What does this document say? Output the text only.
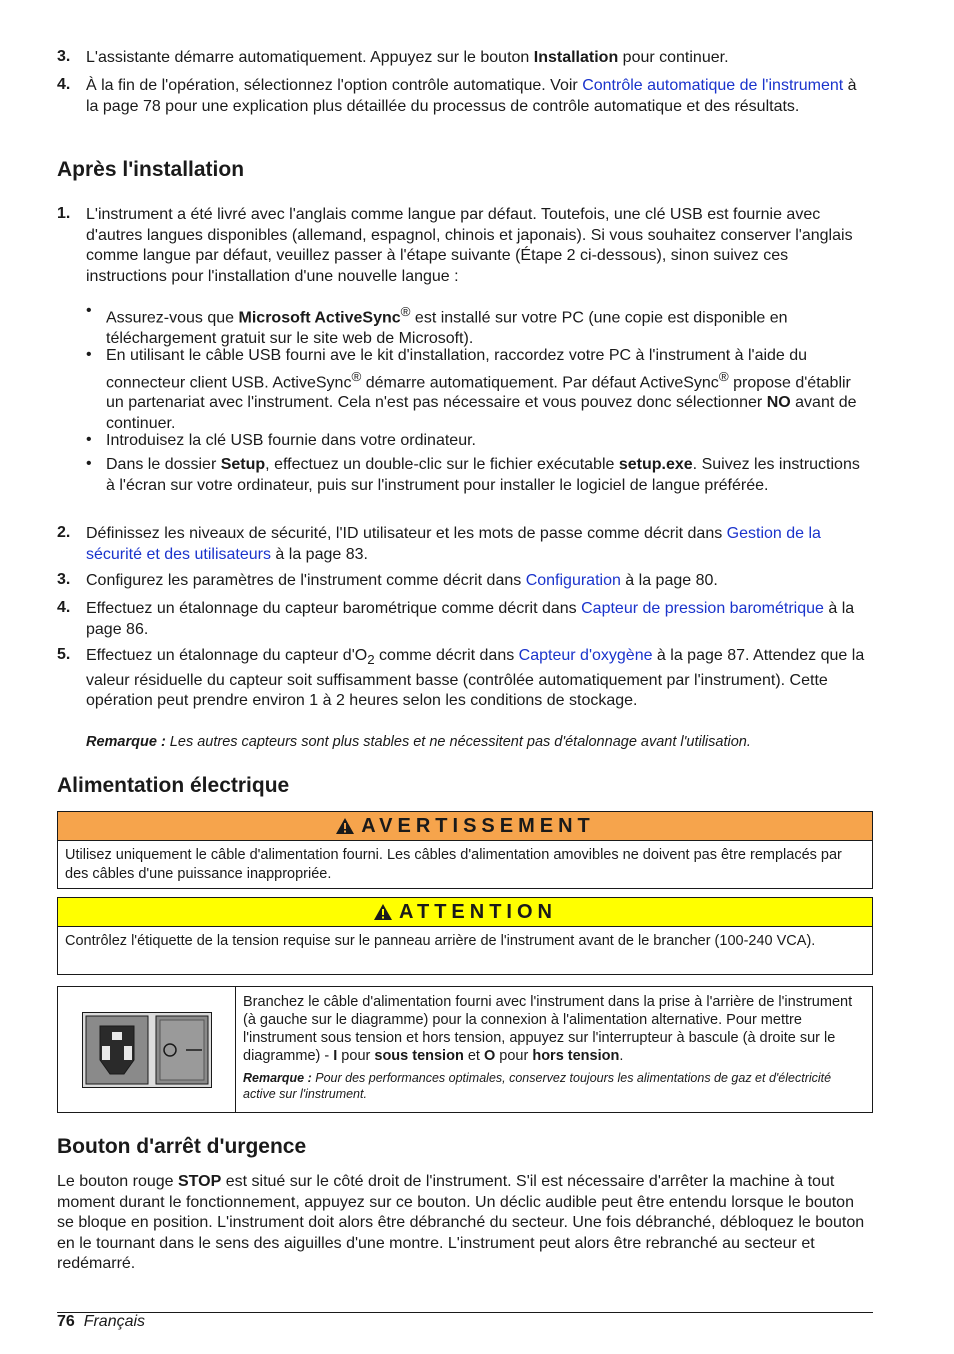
3. L'assistante démarre automatiquement. Appuyez sur le bouton Installation pour continuer.
4. À la fin de l'opération, sélectionnez l'option contrôle automatique. Voir Contrôle automatique de l'instrument à la page 78 pour une explication plus détaillée du processus de contrôle automatique et des résultats.
Après l'installation
1. L'instrument a été livré avec l'anglais comme langue par défaut. Toutefois, une clé USB est fournie avec d'autres langues disponibles (allemand, espagnol, chinois et japonais). Si vous souhaitez conserver l'anglais comme langue par défaut, veuillez passer à l'étape suivante (Étape 2 ci-dessous), sinon suivez ces instructions pour l'installation d'une nouvelle langue :
• Assurez-vous que Microsoft ActiveSync® est installé sur votre PC (une copie est disponible en téléchargement gratuit sur le site web de Microsoft).
• En utilisant le câble USB fourni ave le kit d'installation, raccordez votre PC à l'instrument à l'aide du connecteur client USB. ActiveSync® démarre automatiquement. Par défaut ActiveSync® propose d'établir un partenariat avec l'instrument. Cela n'est pas nécessaire et vous pouvez donc sélectionner NO avant de continuer.
• Introduisez la clé USB fournie dans votre ordinateur.
• Dans le dossier Setup, effectuez un double-clic sur le fichier exécutable setup.exe. Suivez les instructions à l'écran sur votre ordinateur, puis sur l'instrument pour installer le logiciel de langue préférée.
2. Définissez les niveaux de sécurité, l'ID utilisateur et les mots de passe comme décrit dans Gestion de la sécurité et des utilisateurs à la page 83.
3. Configurez les paramètres de l'instrument comme décrit dans Configuration à la page 80.
4. Effectuez un étalonnage du capteur barométrique comme décrit dans Capteur de pression barométrique à la page 86.
5. Effectuez un étalonnage du capteur $d'O_2$ comme décrit dans Capteur d'oxygène à la page 87. Attendez que la valeur résiduelle du capteur soit suffisamment basse (contrôlée automatiquement par l'instrument). Cette opération peut prendre environ 1 à 2 heures selon les conditions de stockage.
Remarque : Les autres capteurs sont plus stables et ne nécessitent pas d'étalonnage avant l'utilisation.
Alimentation électrique
AVERTISSEMENT
Utilisez uniquement le câble d'alimentation fourni. Les câbles d'alimentation amovibles ne doivent pas être remplacés par des câbles d'une puissance inappropriée.
ATTENTION
Contrôlez l'étiquette de la tension requise sur le panneau arrière de l'instrument avant de le brancher (100-240 VCA).
Branchez le câble d'alimentation fourni avec l'instrument dans la prise à l'arrière de l'instrument (à gauche sur le diagramme) pour la connexion à l'alimentation alternative. Pour mettre l'instrument sous tension et hors tension, appuyez sur l'interrupteur à bascule (à droite sur le diagramme) - I pour sous tension et O pour hors tension.
Remarque : Pour des performances optimales, conservez toujours les alimentations de gaz et d'électricité active sur l'instrument.
Bouton d'arrêt d'urgence
Le bouton rouge STOP est situé sur le côté droit de l'instrument. S'il est nécessaire d'arrêter la machine à tout moment durant le fonctionnement, appuyez sur ce bouton. Un déclic audible peut être entendu lorsque le bouton se bloque en position. L'instrument doit alors être débranché du secteur. Une fois débranché, débloquez le bouton en le tournant dans le sens des aiguilles d'une montre. L'instrument peut alors être rebranché au secteur et redémarré.
76 Français
